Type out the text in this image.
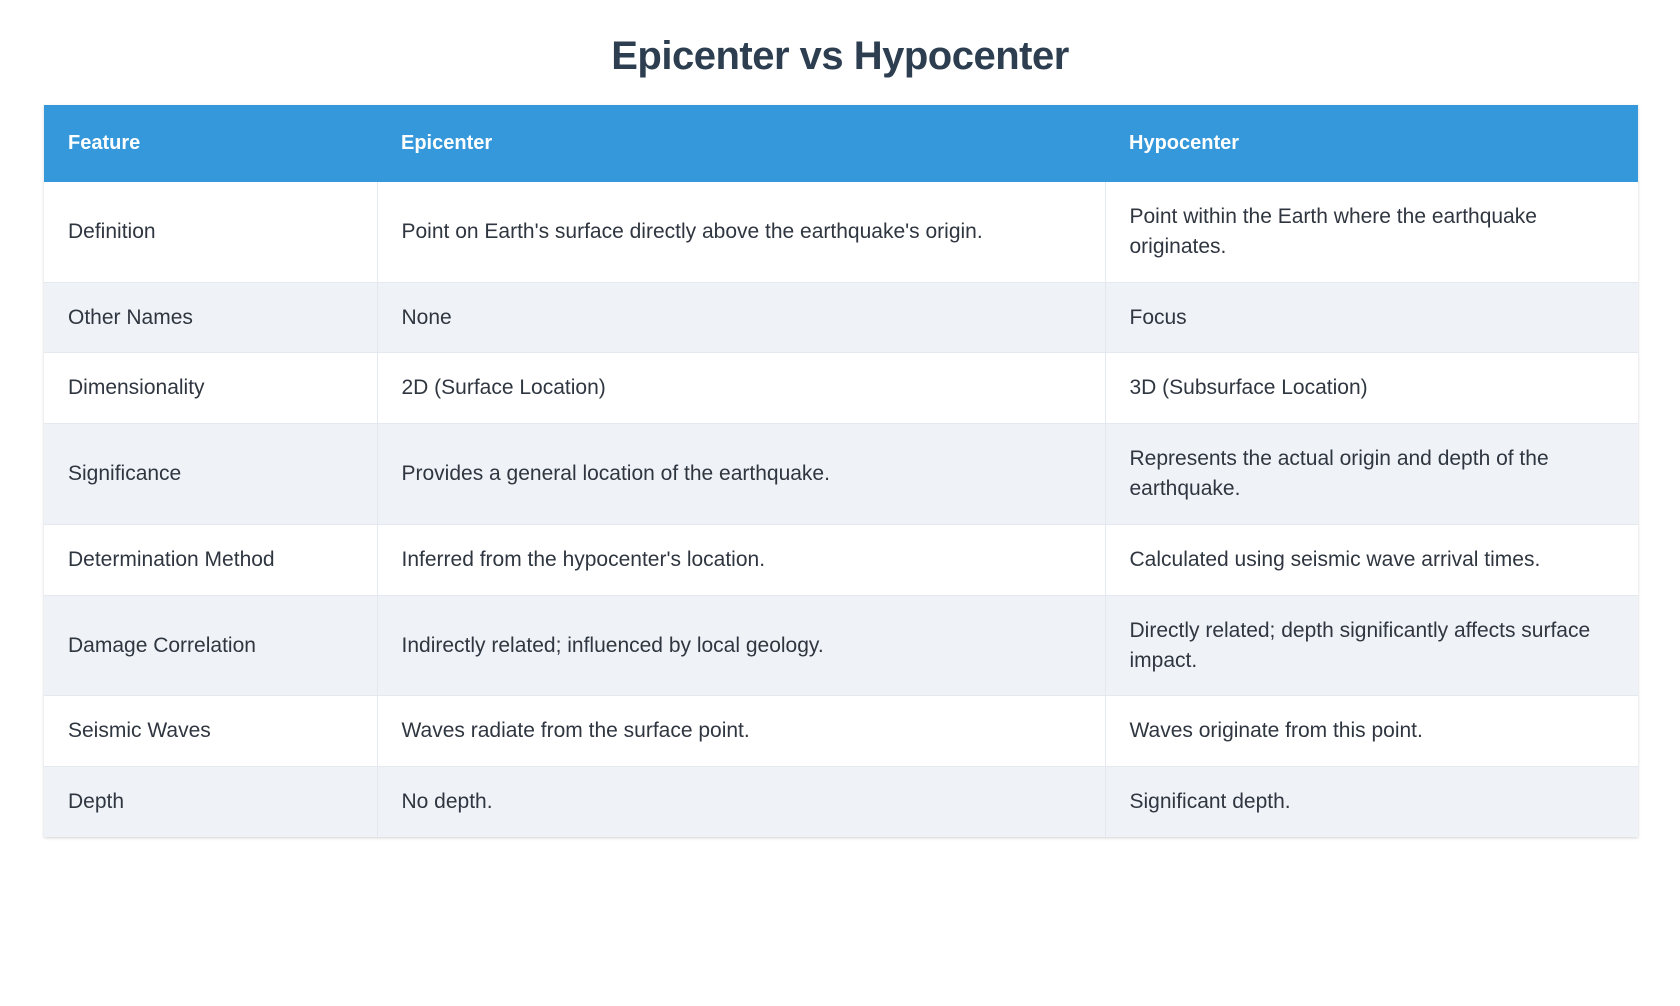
Epicenter vs Hypocenter
Feature	Epicenter	Hypocenter
Definition	Point on Earth's surface directly above the earthquake's origin.	Point within the Earth where the earthquake originates.
Other Names	None	Focus
Dimensionality	2D (Surface Location)	3D (Subsurface Location)
Significance	Provides a general location of the earthquake.	Represents the actual origin and depth of the earthquake.
Determination Method	Inferred from the hypocenter's location.	Calculated using seismic wave arrival times.
Damage Correlation	Indirectly related; influenced by local geology.	Directly related; depth significantly affects surface impact.
Seismic Waves	Waves radiate from the surface point.	Waves originate from this point.
Depth	No depth.	Significant depth.
